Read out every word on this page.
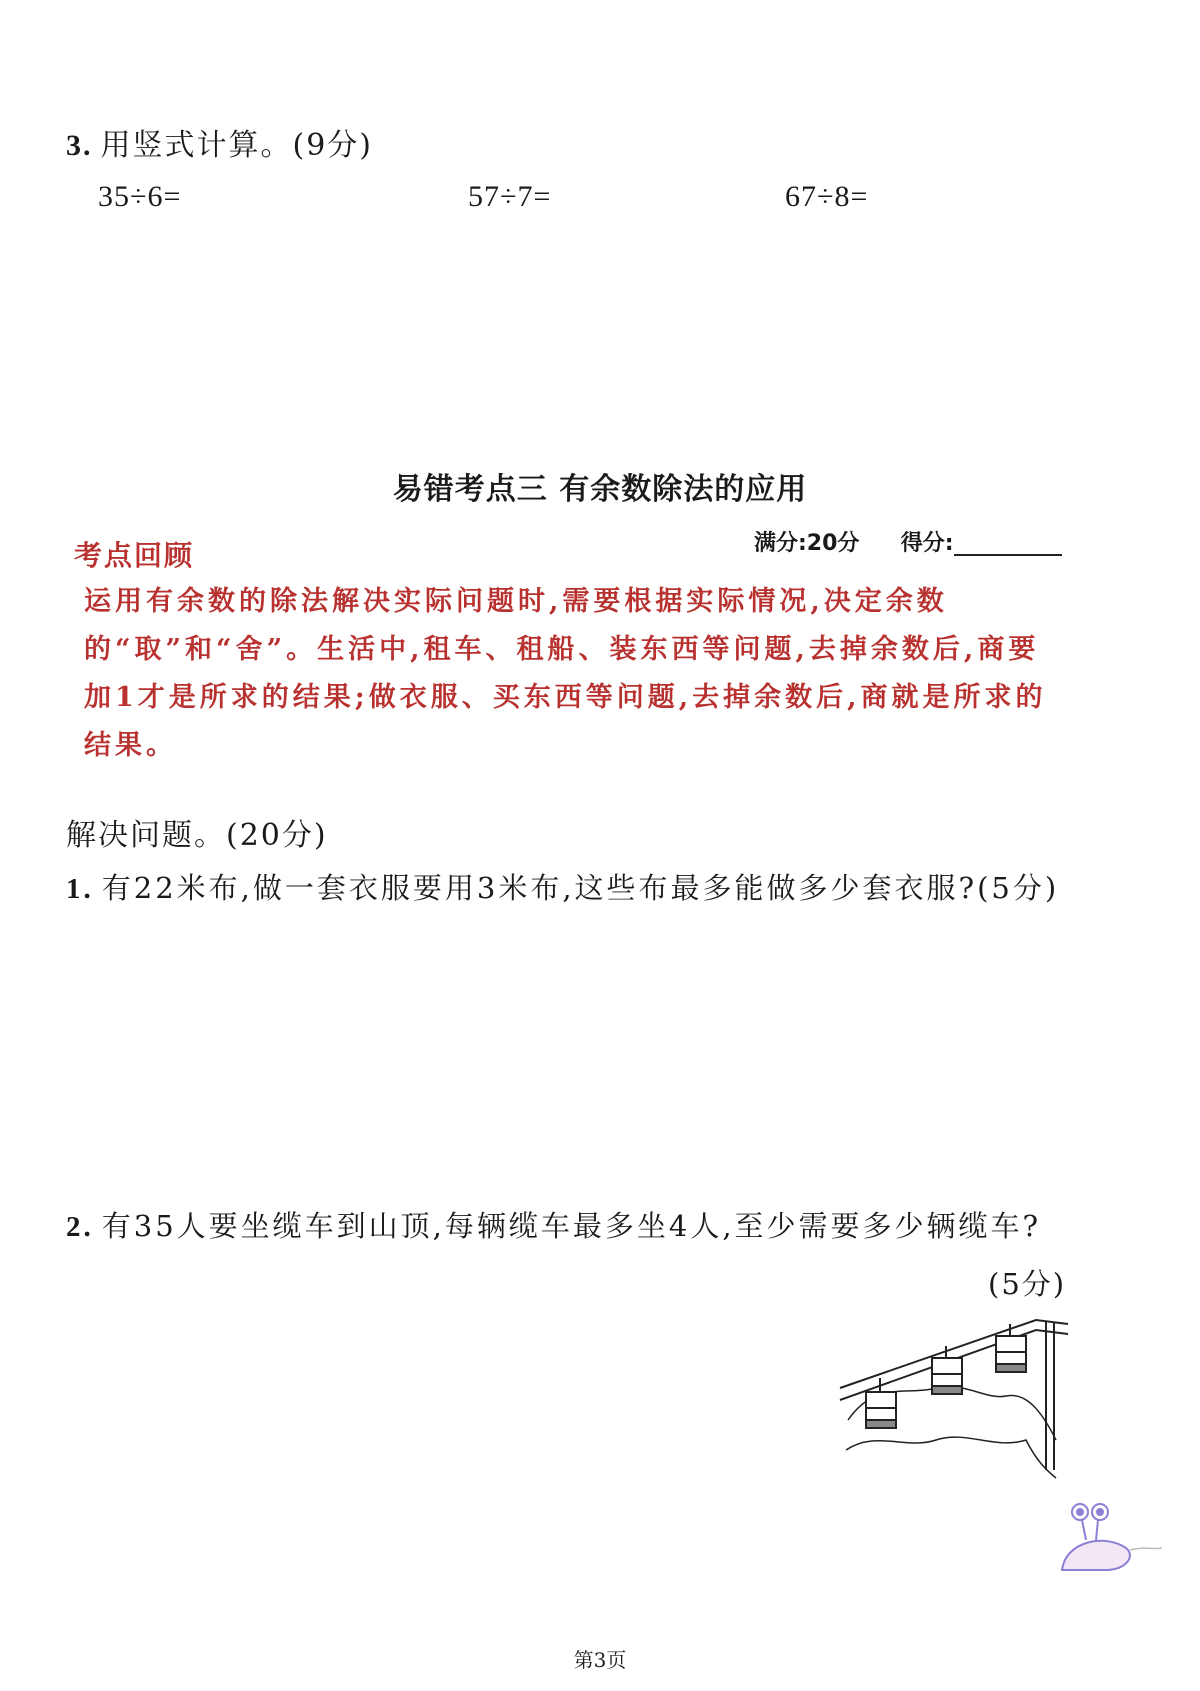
3. 用竖式计算。(9分)
35÷6=	57÷7=	67÷8=
易错考点三 有余数除法的应用
考点回顾	满分:20分 得分:
运用有余数的除法解决实际问题时,需要根据实际情况,决定余数的“取”和“舍”。生活中,租车、租船、装东西等问题,去掉余数后,商要加1才是所求的结果;做衣服、买东西等问题,去掉余数后,商就是所求的结果。
解决问题。(20分)
1. 有22米布,做一套衣服要用3米布,这些布最多能做多少套衣服?(5分)
2. 有35人要坐缆车到山顶,每辆缆车最多坐4人,至少需要多少辆缆车?
(5分)
第3页
